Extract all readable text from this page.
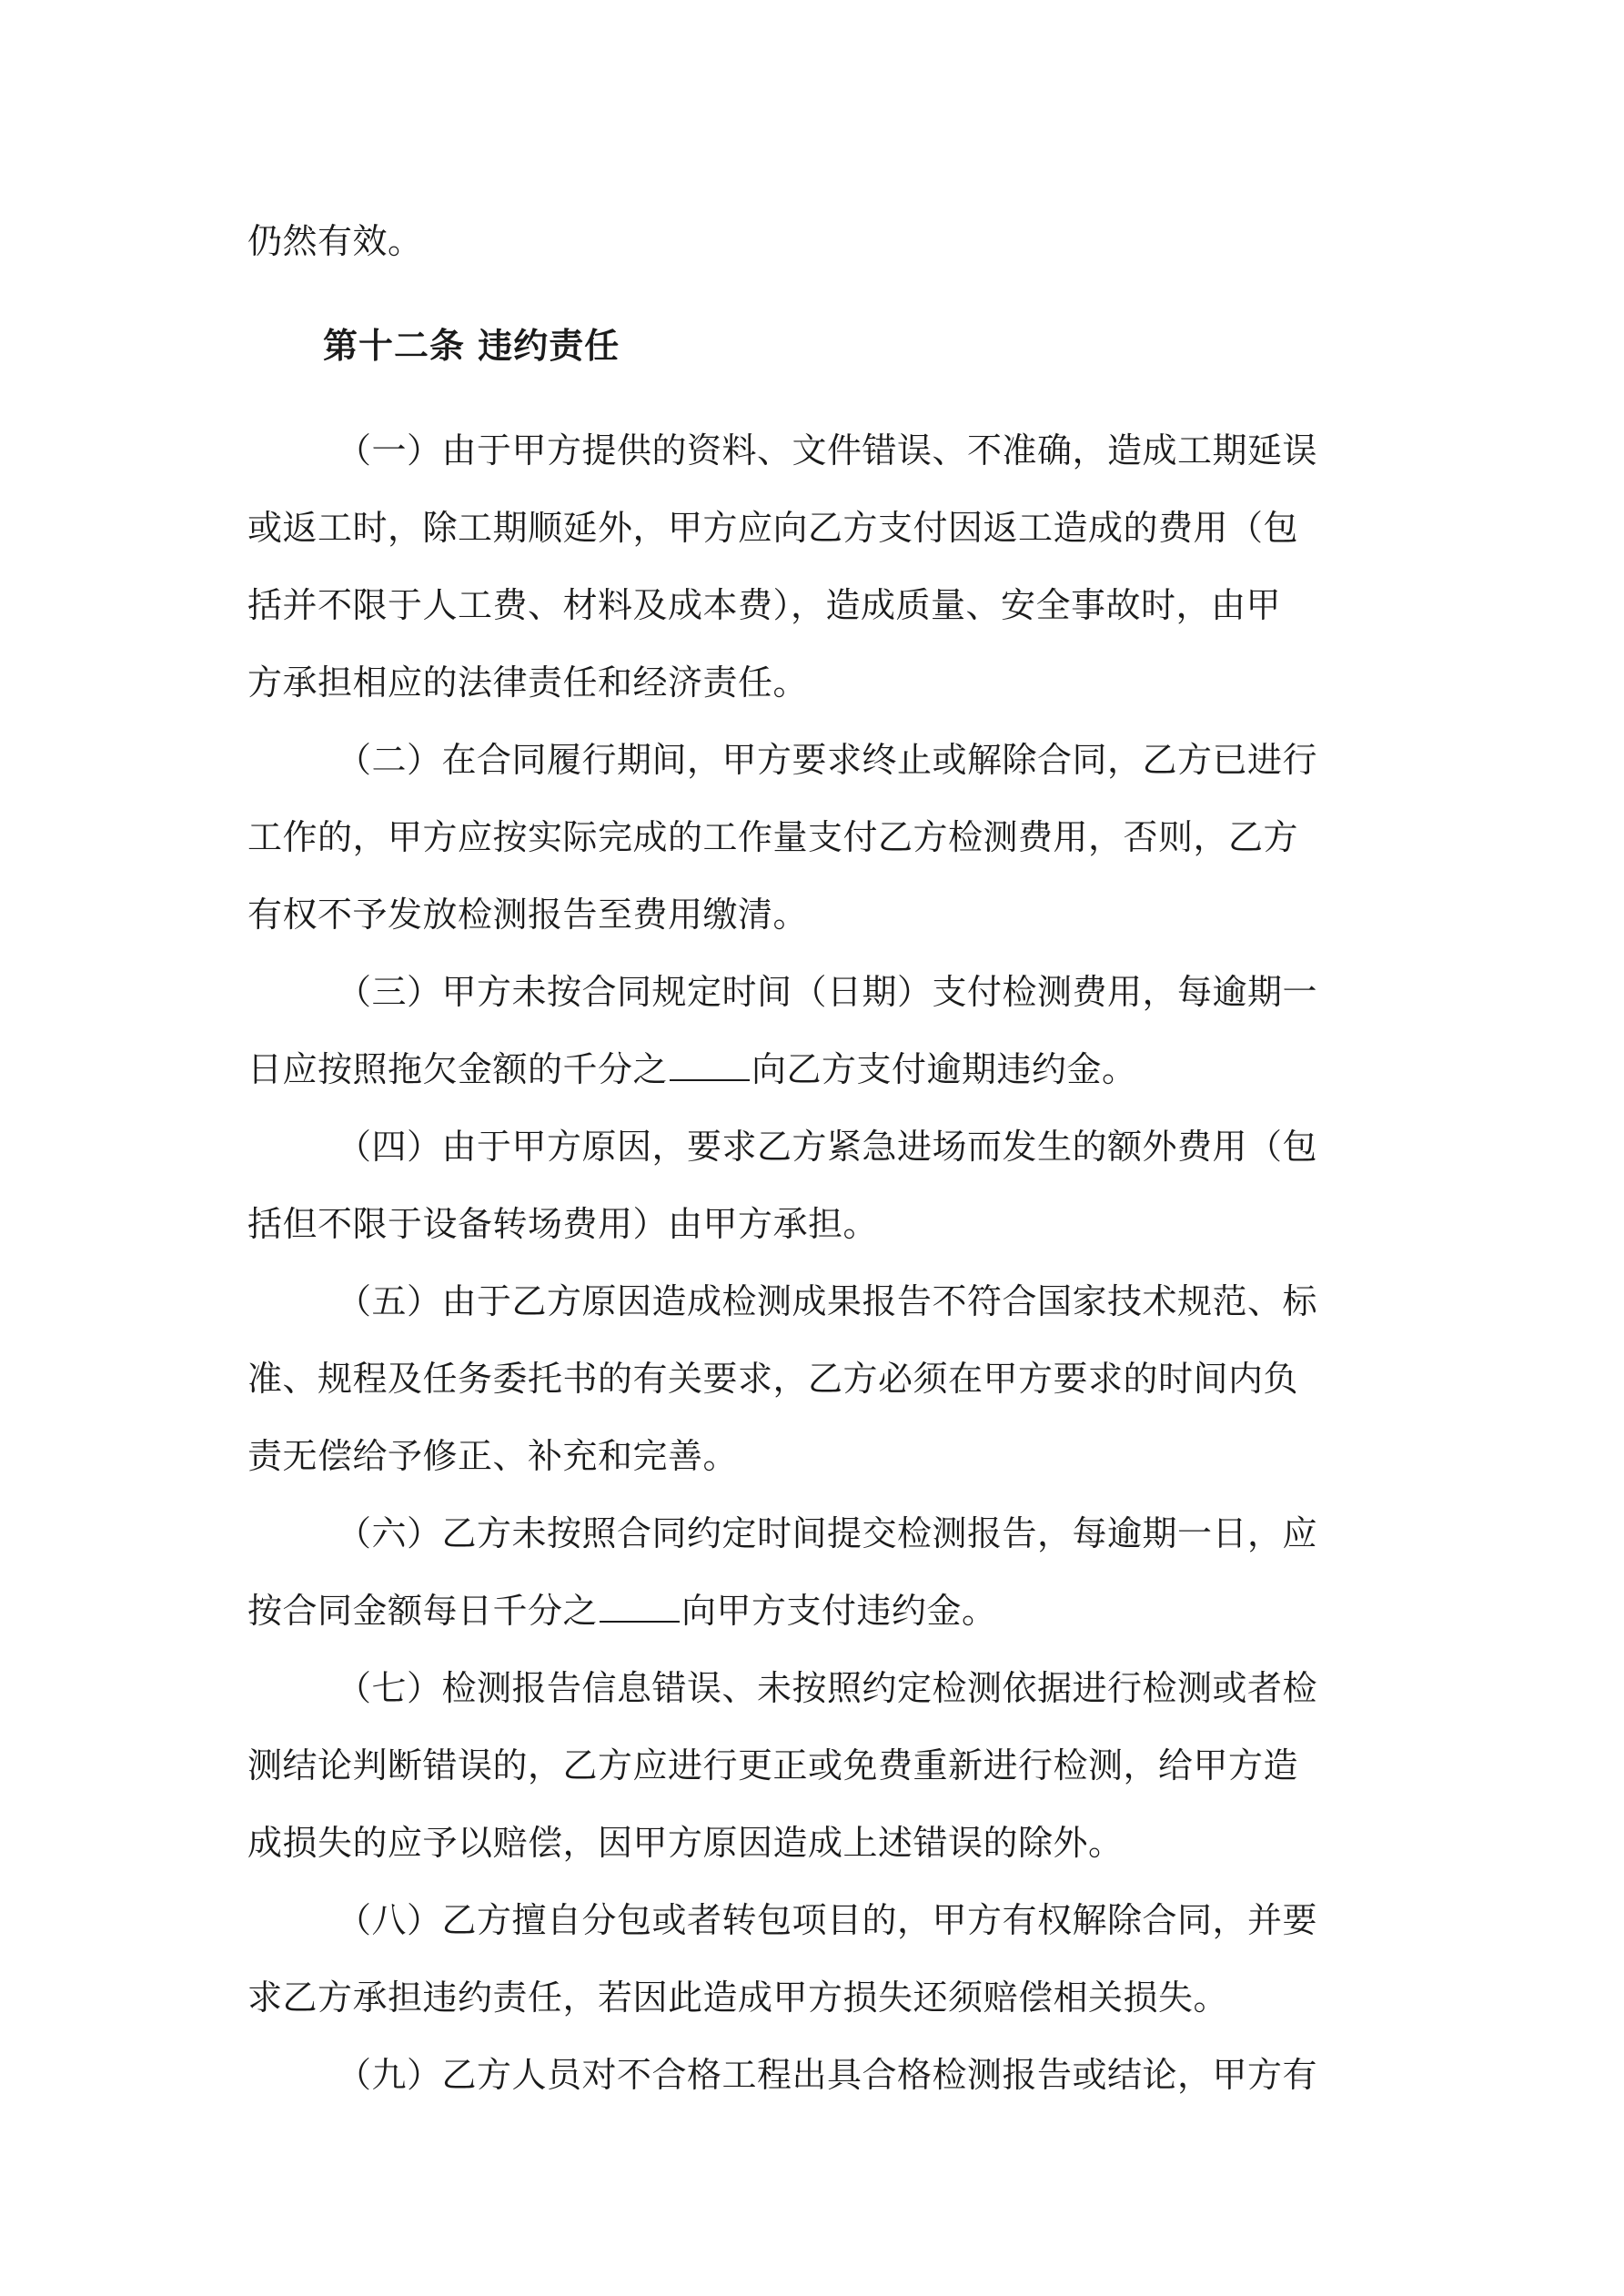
仍然有效。
第十二条 违约责任
（一）由于甲方提供的资料、文件错误、不准确，造成工期延误
或返工时，除工期顺延外，甲方应向乙方支付因返工造成的费用（包
括并不限于人工费、材料及成本费），造成质量、安全事故时，由甲
方承担相应的法律责任和经济责任。
（二）在合同履行期间，甲方要求终止或解除合同，乙方已进行
工作的，甲方应按实际完成的工作量支付乙方检测费用，否则，乙方
有权不予发放检测报告至费用缴清。
（三）甲方未按合同规定时间（日期）支付检测费用，每逾期一
日应按照拖欠金额的千分之 向乙方支付逾期违约金。
（四）由于甲方原因，要求乙方紧急进场而发生的额外费用（包
括但不限于设备转场费用）由甲方承担。
（五）由于乙方原因造成检测成果报告不符合国家技术规范、标
准、规程及任务委托书的有关要求，乙方必须在甲方要求的时间内负
责无偿给予修正、补充和完善。
（六）乙方未按照合同约定时间提交检测报告，每逾期一日，应
按合同金额每日千分之 向甲方支付违约金。
（七）检测报告信息错误、未按照约定检测依据进行检测或者检
测结论判断错误的，乙方应进行更正或免费重新进行检测，给甲方造
成损失的应予以赔偿，因甲方原因造成上述错误的除外。
（八）乙方擅自分包或者转包项目的，甲方有权解除合同，并要
求乙方承担违约责任，若因此造成甲方损失还须赔偿相关损失。
（九）乙方人员对不合格工程出具合格检测报告或结论，甲方有
